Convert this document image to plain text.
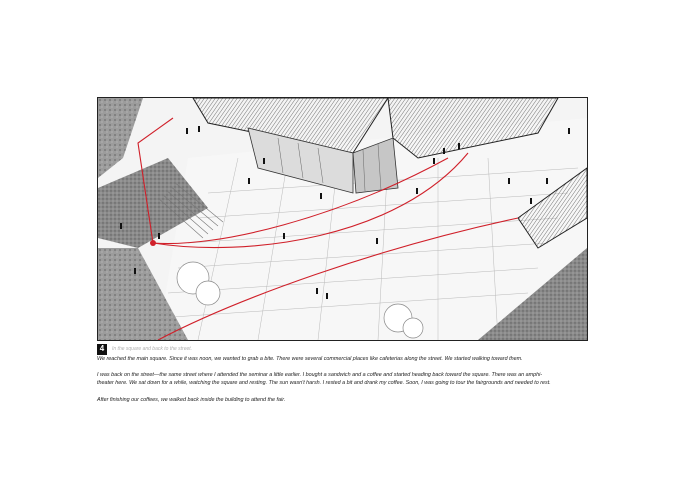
4	In the square and back to the street.

We reached the main square. Since it was noon, we wanted to grab a bite. There were several commercial places like cafeterias along the street. We started walking toward them.

I was back on the street—the same street where I attended the seminar a little earlier. I bought a sandwich and a coffee and started heading back toward the square. There was an amphi-
theater here. We sat down for a while, watching the square and resting. The sun wasn't harsh. I rested a bit and drank my coffee. Soon, I was going to tour the fairgrounds and needed to rest.

After finishing our coffees, we walked back inside the building to attend the fair.
